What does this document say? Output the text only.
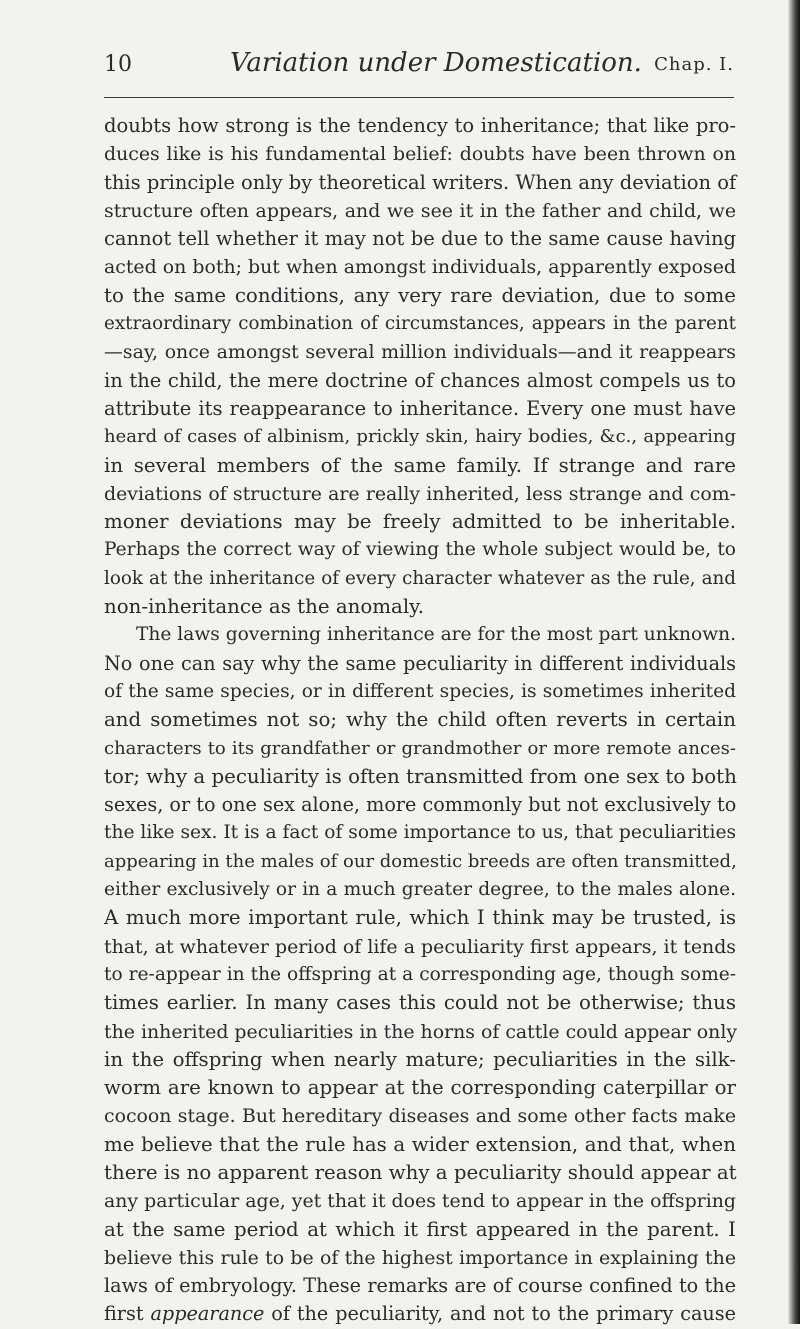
10	Variation under Domestication. Chap. I.
doubts how strong is the tendency to inheritance; that like pro-
duces like is his fundamental belief: doubts have been thrown on
this principle only by theoretical writers. When any deviation of
structure often appears, and we see it in the father and child, we
cannot tell whether it may not be due to the same cause having
acted on both; but when amongst individuals, apparently exposed
to the same conditions, any very rare deviation, due to some
extraordinary combination of circumstances, appears in the parent
—say, once amongst several million individuals—and it reappears
in the child, the mere doctrine of chances almost compels us to
attribute its reappearance to inheritance. Every one must have
heard of cases of albinism, prickly skin, hairy bodies, &c., appearing
in several members of the same family. If strange and rare
deviations of structure are really inherited, less strange and com-
moner deviations may be freely admitted to be inheritable.
Perhaps the correct way of viewing the whole subject would be, to
look at the inheritance of every character whatever as the rule, and
non-inheritance as the anomaly.
The laws governing inheritance are for the most part unknown.
No one can say why the same peculiarity in different individuals
of the same species, or in different species, is sometimes inherited
and sometimes not so; why the child often reverts in certain
characters to its grandfather or grandmother or more remote ances-
tor; why a peculiarity is often transmitted from one sex to both
sexes, or to one sex alone, more commonly but not exclusively to
the like sex. It is a fact of some importance to us, that peculiarities
appearing in the males of our domestic breeds are often transmitted,
either exclusively or in a much greater degree, to the males alone.
A much more important rule, which I think may be trusted, is
that, at whatever period of life a peculiarity first appears, it tends
to re-appear in the offspring at a corresponding age, though some-
times earlier. In many cases this could not be otherwise; thus
the inherited peculiarities in the horns of cattle could appear only
in the offspring when nearly mature; peculiarities in the silk-
worm are known to appear at the corresponding caterpillar or
cocoon stage. But hereditary diseases and some other facts make
me believe that the rule has a wider extension, and that, when
there is no apparent reason why a peculiarity should appear at
any particular age, yet that it does tend to appear in the offspring
at the same period at which it first appeared in the parent. I
believe this rule to be of the highest importance in explaining the
laws of embryology. These remarks are of course confined to the
first appearance of the peculiarity, and not to the primary cause
